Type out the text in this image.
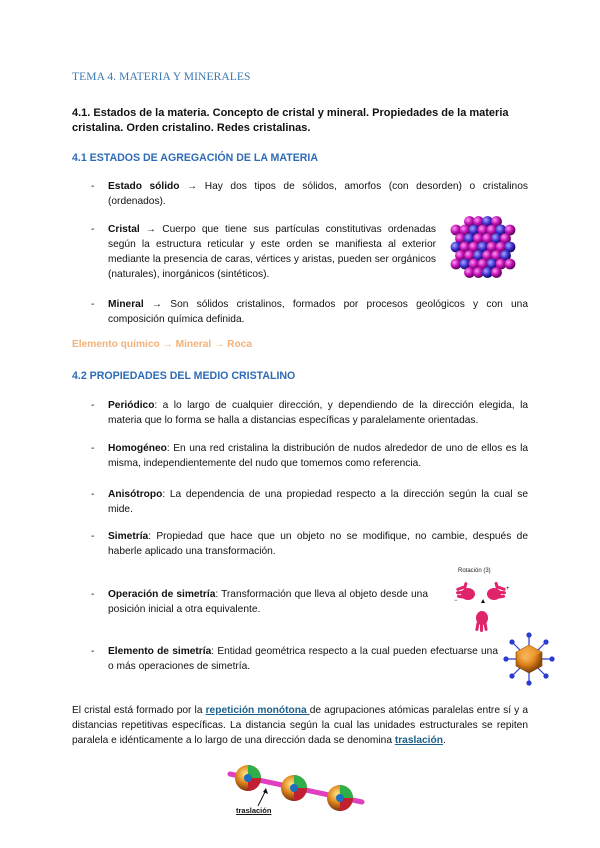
TEMA 4. MATERIA Y MINERALES
4.1. Estados de la materia. Concepto de cristal y mineral. Propiedades de la materia cristalina. Orden cristalino. Redes cristalinas.
4.1 ESTADOS DE AGREGACIÓN DE LA MATERIA
- Estado sólido → Hay dos tipos de sólidos, amorfos (con desorden) o cristalinos (ordenados).
- Cristal → Cuerpo que tiene sus partículas constitutivas ordenadas según la estructura reticular y este orden se manifiesta al exterior mediante la presencia de caras, vértices y aristas, pueden ser orgánicos (naturales), inorgánicos (sintéticos).
- Mineral → Son sólidos cristalinos, formados por procesos geológicos y con una composición química definida.
Elemento químico → Mineral → Roca
4.2 PROPIEDADES DEL MEDIO CRISTALINO
- Periódico: a lo largo de cualquier dirección, y dependiendo de la dirección elegida, la materia que lo forma se halla a distancias específicas y paralelamente orientadas.
- Homogéneo: En una red cristalina la distribución de nudos alrededor de uno de ellos es la misma, independientemente del nudo que tomemos como referencia.
- Anisótropo: La dependencia de una propiedad respecto a la dirección según la cual se mide.
- Simetría: Propiedad que hace que un objeto no se modifique, no cambie, después de haberle aplicado una transformación.
- Operación de simetría: Transformación que lleva al objeto desde una posición inicial a otra equivalente.
Rotación (3)
+
−
- Elemento de simetría: Entidad geométrica respecto a la cual pueden efectuarse una o más operaciones de simetría.
El cristal está formado por la repetición monótona de agrupaciones atómicas paralelas entre sí y a distancias repetitivas específicas. La distancia según la cual las unidades estructurales se repiten paralela e idénticamente a lo largo de una dirección dada se denomina traslación.
traslación
